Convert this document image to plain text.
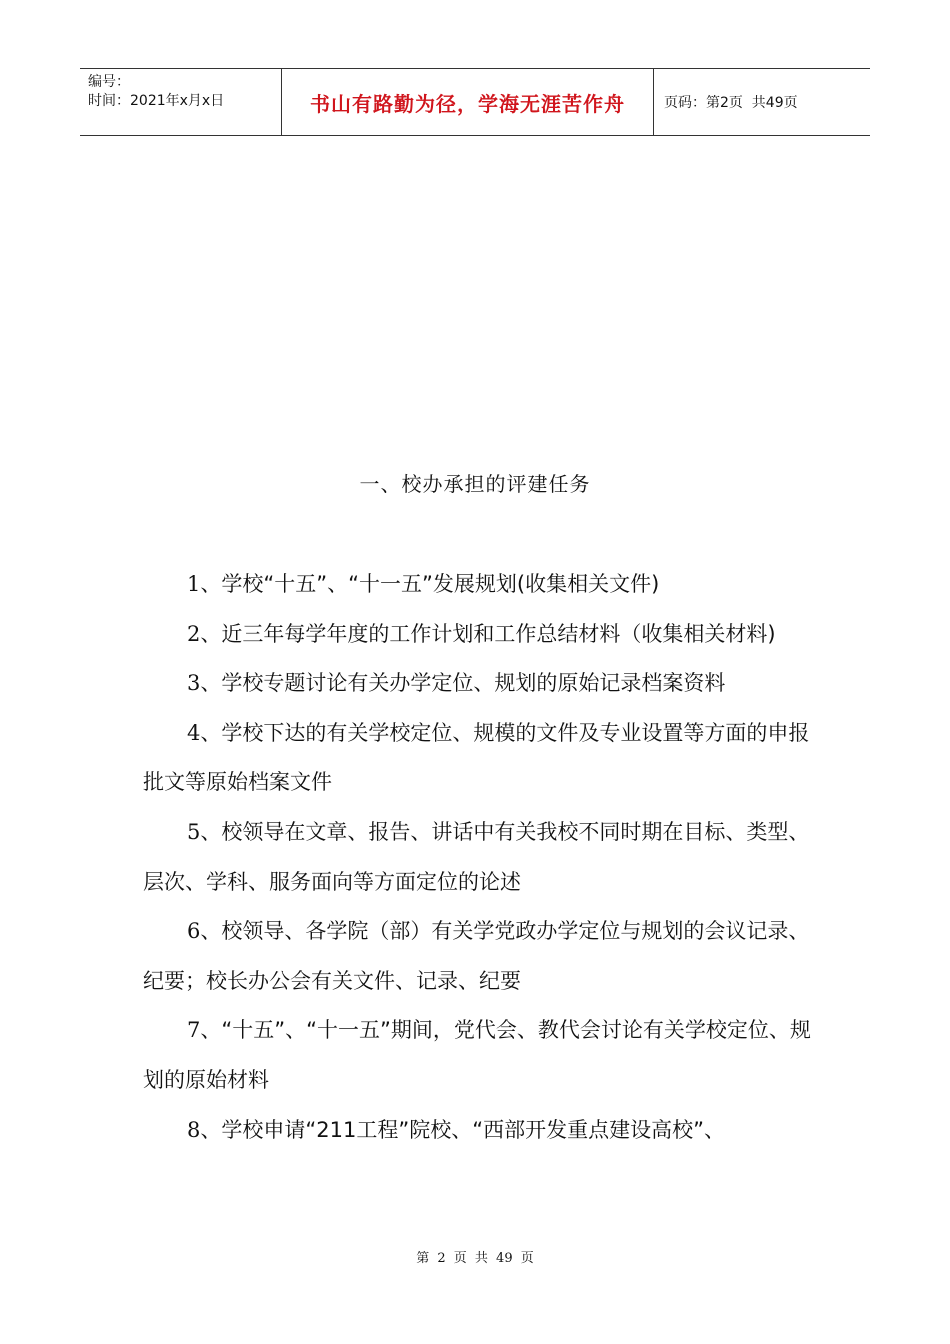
编号：
时间：2021年x月x日	书山有路勤为径，学海无涯苦作舟	页码：第2页  共49页
一、校办承担的评建任务

1、学校“十五”、“十一五”发展规划(收集相关文件)

2、近三年每学年度的工作计划和工作总结材料（收集相关材料)

3、学校专题讨论有关办学定位、规划的原始记录档案资料

4、学校下达的有关学校定位、规模的文件及专业设置等方面的申报批文等原始档案文件

5、校领导在文章、报告、讲话中有关我校不同时期在目标、类型、层次、学科、服务面向等方面定位的论述

6、校领导、各学院（部）有关学党政办学定位与规划的会议记录、纪要；校长办公会有关文件、记录、纪要

7、“十五”、“十一五”期间，党代会、教代会讨论有关学校定位、规划的原始材料

8、学校申请“211工程”院校、“西部开发重点建设高校”、

第 2 页 共 49 页
